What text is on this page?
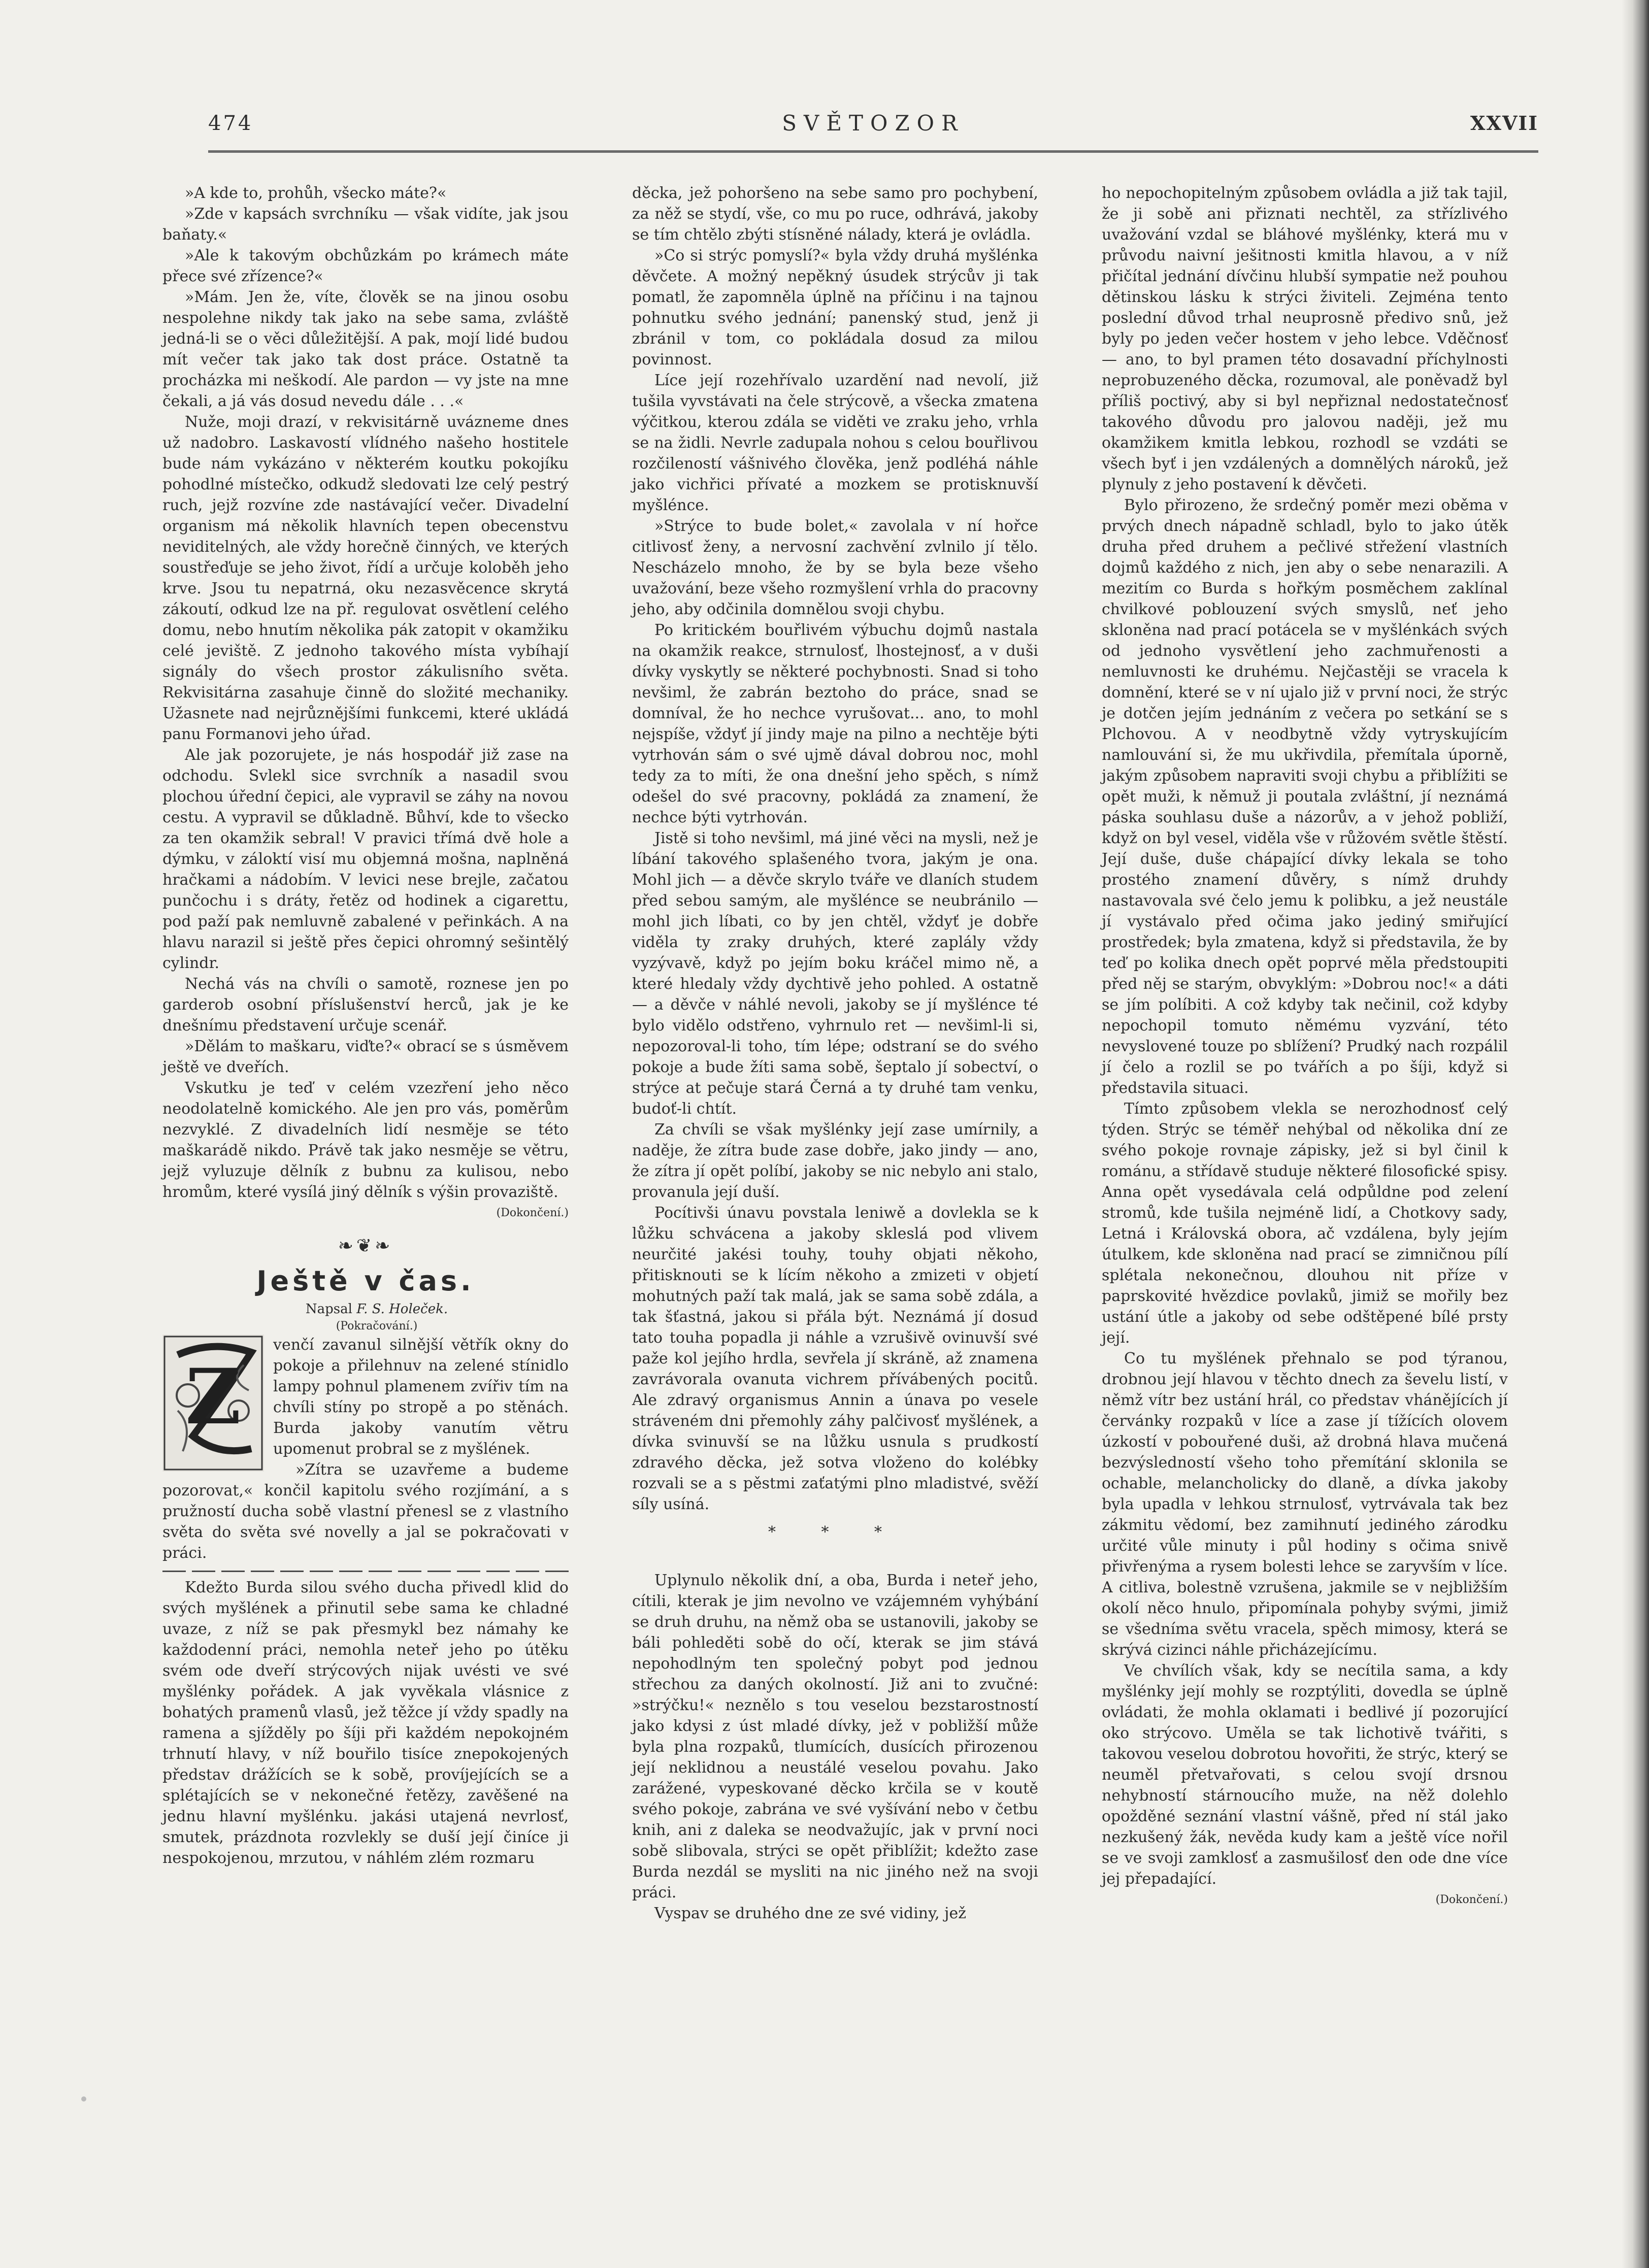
474	SVĚTOZOR	XXVII

»A kde to, prohůh, všecko máte?«

»Zde v kapsách svrchníku — však vidíte, jak jsou baňaty.«

»Ale k takovým obchůzkám po krámech máte přece své zřízence?«

»Mám. Jen že, víte, člověk se na jinou osobu nespolehne nikdy tak jako na sebe sama, zvláště jedná-li se o věci důležitější. A pak, mojí lidé budou mít večer tak jako tak dost práce. Ostatně ta procházka mi neškodí. Ale pardon — vy jste na mne čekali, a já vás dosud nevedu dále . . .«

Nuže, moji drazí, v rekvisitárně uvázneme dnes už nadobro. Laskavostí vlídného našeho hostitele bude nám vykázáno v některém koutku pokojíku pohodlné místečko, odkudž sledovati lze celý pestrý ruch, jejž rozvíne zde nastávající večer. Divadelní organism má několik hlavních tepen obecenstvu neviditelných, ale vždy horečně činných, ve kterých soustřeďuje se jeho život, řídí a určuje koloběh jeho krve. Jsou tu nepatrná, oku nezasvěcence skrytá zákoutí, odkud lze na př. regulovat osvětlení celého domu, nebo hnutím několika pák zatopit v okamžiku celé jeviště. Z jednoho takového místa vybíhají signály do všech prostor zákulisního světa. Rekvisitárna zasahuje činně do složité mechaniky. Užasnete nad nejrůznějšími funkcemi, které ukládá panu Formanovi jeho úřad.

Ale jak pozorujete, je nás hospodář již zase na odchodu. Svlekl sice svrchník a nasadil svou plochou úřední čepici, ale vypravil se záhy na novou cestu. A vypravil se důkladně. Bůhví, kde to všecko za ten okamžik sebral! V pravici třímá dvě hole a dýmku, v záloktí visí mu objemná mošna, naplněná hračkami a nádobím. V levici nese brejle, začatou punčochu i s dráty, řetěz od hodinek a cigarettu, pod paží pak nemluvně zabalené v peřinkách. A na hlavu narazil si ještě přes čepici ohromný sešintělý cylindr.

Nechá vás na chvíli o samotě, roznese jen po garderob osobní příslušenství herců, jak je ke dnešnímu představení určuje scenář.

»Dělám to maškaru, viďte?« obrací se s úsměvem ještě ve dveřích.

Vskutku je teď v celém vzezření jeho něco neodolatelně komického. Ale jen pro vás, poměrům nezvyklé. Z divadelních lidí nesměje se této maškarádě nikdo. Právě tak jako nesměje se větru, jejž vyluzuje dělník z bubnu za kulisou, nebo hromům, které vysílá jiný dělník s výšin provaziště.

(Dokončení.)

❧❦❧
Ještě v čas.

Napsal F. S. Holeček.

(Pokračování.)

Z

venčí zavanul silnější větřík okny do pokoje a přilehnuv na zelené stínidlo lampy pohnul plamenem zvířiv tím na chvíli stíny po stropě a po stěnách. Burda jakoby vanutím větru upomenut probral se z myšlének.

»Zítra se uzavřeme a budeme pozorovat,« končil kapitolu svého rozjímání, a s pružností ducha sobě vlastní přenesl se z vlastního světa do světa své novelly a jal se pokračovati v práci.

Kdežto Burda silou svého ducha přivedl klid do svých myšlének a přinutil sebe sama ke chladné uvaze, z níž se pak přesmykl bez námahy ke každodenní práci, nemohla neteř jeho po útěku svém ode dveří strýcových nijak uvésti ve své myšlénky pořádek. A jak vyvěkala vlásnice z bohatých pramenů vlasů, jež těžce jí vždy spadly na ramena a sjížděly po šíji při každém nepokojném trhnutí hlavy, v níž bouřilo tisíce znepokojených představ drážících se k sobě, províjejících se a splétajících se v nekonečné řetězy, zavěšené na jednu hlavní myšlénku. jakási utajená nevrlosť, smutek, prázdnota rozvlekly se duší její činíce ji nespokojenou, mrzutou, v náhlém zlém rozmaru

děcka, jež pohoršeno na sebe samo pro pochybení, za něž se stydí, vše, co mu po ruce, odhrává, jakoby se tím chtělo zbýti stísněné nálady, která je ovládla.

»Co si strýc pomyslí?« byla vždy druhá myšlénka děvčete. A možný nepěkný úsudek strýcův ji tak pomatl, že zapomněla úplně na příčinu i na tajnou pohnutku svého jednání; panenský stud, jenž ji zbránil v tom, co pokládala dosud za milou povinnost.

Líce její rozehřívalo uzardění nad nevolí, již tušila vyvstávati na čele strýcově, a všecka zmatena výčitkou, kterou zdála se viděti ve zraku jeho, vrhla se na židli. Nevrle zadupala nohou s celou bouřlivou rozčileností vášnivého člověka, jenž podléhá náhle jako vichřici přívaté a mozkem se protisknuvší myšlénce.

»Strýce to bude bolet,« zavolala v ní hořce citlivosť ženy, a nervosní zachvění zvlnilo jí tělo. Nescházelo mnoho, že by se byla beze všeho uvažování, beze všeho rozmyšlení vrhla do pracovny jeho, aby odčinila domnělou svoji chybu.

Po kritickém bouřlivém výbuchu dojmů nastala na okamžik reakce, strnulosť, lhostejnosť, a v duši dívky vyskytly se některé pochybnosti. Snad si toho nevšiml, že zabrán beztoho do práce, snad se domníval, že ho nechce vyrušovat... ano, to mohl nejspíše, vždyť jí jindy maje na pilno a nechtěje býti vytrhován sám o své ujmě dával dobrou noc, mohl tedy za to míti, že ona dnešní jeho spěch, s nímž odešel do své pracovny, pokládá za znamení, že nechce býti vytrhován.

Jistě si toho nevšiml, má jiné věci na mysli, než je líbání takového splašeného tvora, jakým je ona. Mohl jich — a děvče skrylo tváře ve dlaních studem před sebou samým, ale myšlénce se neubránilo — mohl jich líbati, co by jen chtěl, vždyť je dobře viděla ty zraky druhých, které zaplály vždy vyzývavě, když po jejím boku kráčel mimo ně, a které hledaly vždy dychtivě jeho pohled. A ostatně — a děvče v náhlé nevoli, jakoby se jí myšlénce té bylo vidělo odstřeno, vyhrnulo ret — nevšiml-li si, nepozoroval-li toho, tím lépe; odstraní se do svého pokoje a bude žíti sama sobě, šeptalo jí sobectví, o strýce at pečuje stará Černá a ty druhé tam venku, budoť-li chtít.

Za chvíli se však myšlénky její zase umírnily, a naděje, že zítra bude zase dobře, jako jindy — ano, že zítra jí opět políbí, jakoby se nic nebylo ani stalo, provanula její duší.

Pocítivši únavu povstala leniwě a dovlekla se k lůžku schvácena a jakoby skleslá pod vlivem neurčité jakési touhy, touhy objati někoho, přitisknouti se k lícím někoho a zmizeti v objetí mohutných paží tak malá, jak se sama sobě zdála, a tak šťastná, jakou si přála být. Neznámá jí dosud tato touha popadla ji náhle a vzrušivě ovinuvší své paže kol jejího hrdla, sevřela jí skráně, až znamena zavrávorala ovanuta vichrem přívábených pocitů. Ale zdravý organismus Annin a únava po vesele stráveném dni přemohly záhy palčivosť myšlének, a dívka svinuvší se na lůžku usnula s prudkostí zdravého děcka, jež sotva vloženo do kolébky rozvali se a s pěstmi zaťatými plno mladistvé, svěží síly usíná.

* * *

Uplynulo několik dní, a oba, Burda i neteř jeho, cítili, kterak je jim nevolno ve vzájemném vyhýbání se druh druhu, na němž oba se ustanovili, jakoby se báli pohleděti sobě do očí, kterak se jim stává nepohodlným ten společný pobyt pod jednou střechou za daných okolností. Již ani to zvučné: »strýčku!« neznělo s tou veselou bezstarostností jako kdysi z úst mladé dívky, jež v pobližší může byla plna rozpaků, tlumících, dusících přirozenou její neklidnou a neustálé veselou povahu. Jako zarážené, vypeskované děcko krčila se v koutě svého pokoje, zabrána ve své vyšívání nebo v četbu knih, ani z daleka se neodvažujíc, jak v první noci sobě slibovala, strýci se opět přiblížit; kdežto zase Burda nezdál se mysliti na nic jiného než na svoji práci.

Vyspav se druhého dne ze své vidiny, jež

ho nepochopitelným způsobem ovládla a již tak tajil, že ji sobě ani přiznati nechtěl, za střízlivého uvažování vzdal se bláhové myšlénky, která mu v průvodu naivní ješitnosti kmitla hlavou, a v níž přičítal jednání dívčinu hlubší sympatie než pouhou dětinskou lásku k strýci živiteli. Zejména tento poslední důvod trhal neuprosně předivo snů, jež byly po jeden večer hostem v jeho lebce. Vděčnosť — ano, to byl pramen této dosavadní příchylnosti neprobuzeného děcka, rozumoval, ale poněvadž byl příliš poctivý, aby si byl nepřiznal nedostatečnosť takového důvodu pro jalovou naději, jež mu okamžikem kmitla lebkou, rozhodl se vzdáti se všech byť i jen vzdálených a domnělých nároků, jež plynuly z jeho postavení k děvčeti.

Bylo přirozeno, že srdečný poměr mezi oběma v prvých dnech nápadně schladl, bylo to jako útěk druha před druhem a pečlivé střežení vlastních dojmů každého z nich, jen aby o sebe nenarazili. A mezitím co Burda s hořkým posměchem zaklínal chvilkové poblouzení svých smyslů, neť jeho skloněna nad prací potácela se v myšlénkách svých od jednoho vysvětlení jeho zachmuřenosti a nemluvnosti ke druhému. Nejčastěji se vracela k domnění, které se v ní ujalo již v první noci, že strýc je dotčen jejím jednáním z večera po setkání se s Plchovou. A v neodbytně vždy vytryskujícím namlouvání si, že mu ukřivdila, přemítala úporně, jakým způsobem napraviti svoji chybu a přiblížiti se opět muži, k němuž ji poutala zvláštní, jí neznámá páska souhlasu duše a názorův, a v jehož pobliží, když on byl vesel, viděla vše v růžovém světle štěstí. Její duše, duše chápající dívky lekala se toho prostého znamení důvěry, s nímž druhdy nastavovala své čelo jemu k polibku, a jež neustále jí vystávalo před očima jako jediný smiřující prostředek; byla zmatena, když si představila, že by teď po kolika dnech opět poprvé měla předstoupiti před něj se starým, obvyklým: »Dobrou noc!« a dáti se jím políbiti. A což kdyby tak nečinil, což kdyby nepochopil tomuto němému vyzvání, této nevyslovené touze po sblížení? Prudký nach rozpálil jí čelo a rozlil se po tvářích a po šíji, když si představila situaci.

Tímto způsobem vlekla se nerozhodnosť celý týden. Strýc se téměř nehýbal od několika dní ze svého pokoje rovnaje zápisky, jež si byl činil k románu, a střídavě studuje některé filosofické spisy. Anna opět vysedávala celá odpůldne pod zelení stromů, kde tušila nejméně lidí, a Chotkovy sady, Letná i Královská obora, ač vzdálena, byly jejím útulkem, kde skloněna nad prací se zimničnou pílí splétala nekonečnou, dlouhou nit příze v paprskovité hvězdice povlaků, jimiž se mořily bez ustání útle a jakoby od sebe odštěpené bílé prsty její.

Co tu myšlének přehnalo se pod týranou, drobnou její hlavou v těchto dnech za ševelu listí, v němž vítr bez ustání hrál, co představ vhánějících jí červánky rozpaků v líce a zase jí tížících olovem úzkostí v pobouřené duši, až drobná hlava mučená bezvýsledností všeho toho přemítání sklonila se ochable, melancholicky do dlaně, a dívka jakoby byla upadla v lehkou strnulosť, vytrvávala tak bez zákmitu vědomí, bez zamihnutí jediného zárodku určité vůle minuty i půl hodiny s očima snivě přivřenýma a rysem bolesti lehce se zaryvším v líce. A citliva, bolestně vzrušena, jakmile se v nejbližším okolí něco hnulo, připomínala pohyby svými, jimiž se všedníma světu vracela, spěch mimosy, která se skrývá cizinci náhle přicházejícímu.

Ve chvílích však, kdy se necítila sama, a kdy myšlénky její mohly se rozptýliti, dovedla se úplně ovládati, že mohla oklamati i bedlivé jí pozorující oko strýcovo. Uměla se tak lichotivě tvářiti, s takovou veselou dobrotou hovořiti, že strýc, který se neuměl přetvařovati, s celou svojí drsnou nehybností stárnoucího muže, na něž dolehlo opožděné seznání vlastní vášně, před ní stál jako nezkušený žák, nevěda kudy kam a ještě více nořil se ve svoji zamklosť a zasmušilosť den ode dne více jej přepadající.

(Dokončení.)
